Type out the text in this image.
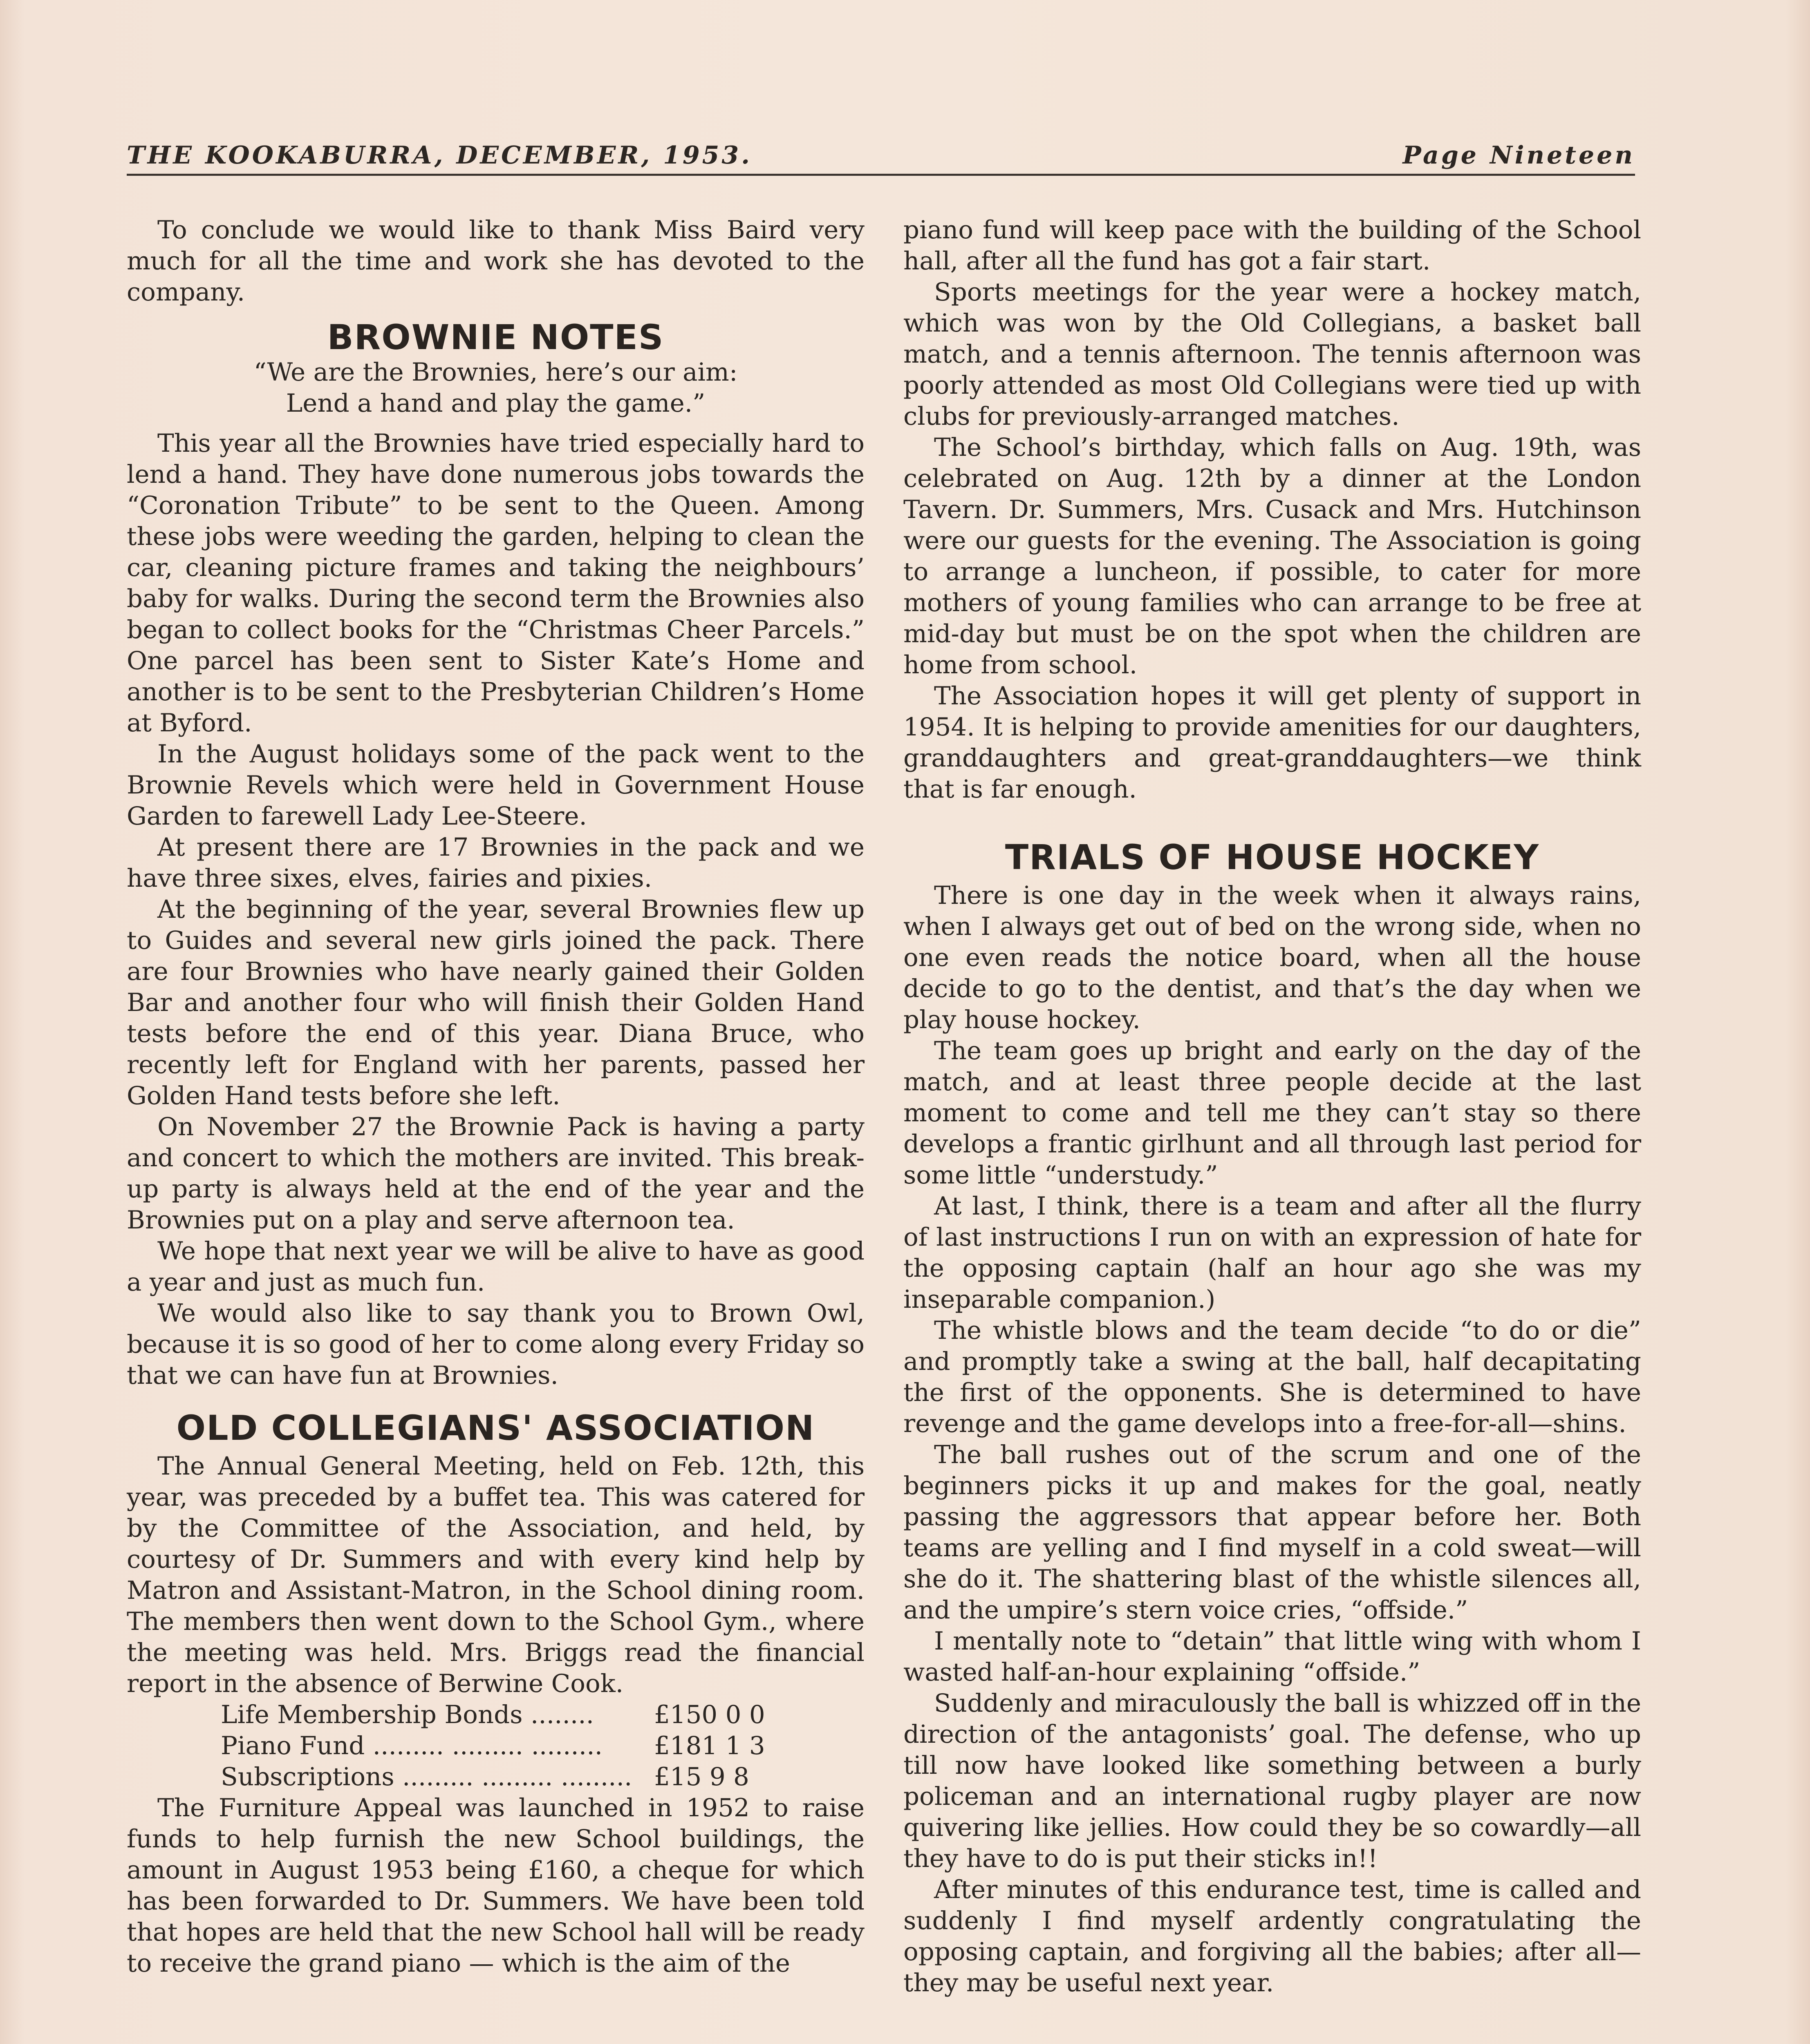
THE KOOKABURRA, DECEMBER, 1953.	Page Nineteen

To conclude we would like to thank Miss Baird very much for all the time and work she has devoted to the company.

BROWNIE NOTES
“We are the Brownies, here’s our aim:
Lend a hand and play the game.”

This year all the Brownies have tried especially hard to lend a hand. They have done numerous jobs towards the “Coronation Tribute” to be sent to the Queen. Among these jobs were weeding the garden, helping to clean the car, cleaning picture frames and taking the neighbours’ baby for walks. During the second term the Brownies also began to collect books for the “Christmas Cheer Parcels.” One parcel has been sent to Sister Kate’s Home and another is to be sent to the Presbyterian Children’s Home at Byford.

In the August holidays some of the pack went to the Brownie Revels which were held in Government House Garden to farewell Lady Lee-Steere.

At present there are 17 Brownies in the pack and we have three sixes, elves, fairies and pixies.

At the beginning of the year, several Brownies flew up to Guides and several new girls joined the pack. There are four Brownies who have nearly gained their Golden Bar and another four who will finish their Golden Hand tests before the end of this year. Diana Bruce, who recently left for England with her parents, passed her Golden Hand tests before she left.

On November 27 the Brownie Pack is having a party and concert to which the mothers are invited. This break-up party is always held at the end of the year and the Brownies put on a play and serve afternoon tea.

We hope that next year we will be alive to have as good a year and just as much fun.

We would also like to say thank you to Brown Owl, because it is so good of her to come along every Friday so that we can have fun at Brownies.

OLD COLLEGIANS' ASSOCIATION

The Annual General Meeting, held on Feb. 12th, this year, was preceded by a buffet tea. This was catered for by the Committee of the Association, and held, by courtesy of Dr. Summers and with every kind help by Matron and Assistant-Matron, in the School dining room. The members then went down to the School Gym., where the meeting was held. Mrs. Briggs read the financial report in the absence of Berwine Cook.

Life Membership Bonds ........	£150 0 0
Piano Fund ......... ......... .........	£181 1 3
Subscriptions ......... ......... .........	£15 9 8

The Furniture Appeal was launched in 1952 to raise funds to help furnish the new School buildings, the amount in August 1953 being £160, a cheque for which has been forwarded to Dr. Summers. We have been told that hopes are held that the new School hall will be ready to receive the grand piano — which is the aim of the

piano fund will keep pace with the building of the School hall, after all the fund has got a fair start.

Sports meetings for the year were a hockey match, which was won by the Old Collegians, a basket ball match, and a tennis afternoon. The tennis afternoon was poorly attended as most Old Collegians were tied up with clubs for previously-arranged matches.

The School’s birthday, which falls on Aug. 19th, was celebrated on Aug. 12th by a dinner at the London Tavern. Dr. Summers, Mrs. Cusack and Mrs. Hutchinson were our guests for the evening. The Association is going to arrange a luncheon, if possible, to cater for more mothers of young families who can arrange to be free at mid-day but must be on the spot when the children are home from school.

The Association hopes it will get plenty of support in 1954. It is helping to provide amenities for our daughters, granddaughters and great-granddaughters—we think that is far enough.

TRIALS OF HOUSE HOCKEY

There is one day in the week when it always rains, when I always get out of bed on the wrong side, when no one even reads the notice board, when all the house decide to go to the dentist, and that’s the day when we play house hockey.

The team goes up bright and early on the day of the match, and at least three people decide at the last moment to come and tell me they can’t stay so there develops a frantic girlhunt and all through last period for some little “understudy.”

At last, I think, there is a team and after all the flurry of last instructions I run on with an expression of hate for the opposing captain (half an hour ago she was my inseparable companion.)

The whistle blows and the team decide “to do or die” and promptly take a swing at the ball, half decapitating the first of the opponents. She is determined to have revenge and the game develops into a free-for-all—shins.

The ball rushes out of the scrum and one of the beginners picks it up and makes for the goal, neatly passing the aggressors that appear before her. Both teams are yelling and I find myself in a cold sweat—will she do it. The shattering blast of the whistle silences all, and the umpire’s stern voice cries, “offside.”

I mentally note to “detain” that little wing with whom I wasted half-an-hour explaining “offside.”

Suddenly and miraculously the ball is whizzed off in the direction of the antagonists’ goal. The defense, who up till now have looked like something between a burly policeman and an international rugby player are now quivering like jellies. How could they be so cowardly—all they have to do is put their sticks in!!

After minutes of this endurance test, time is called and suddenly I find myself ardently congratulating the opposing captain, and forgiving all the babies; after all—they may be useful next year.
